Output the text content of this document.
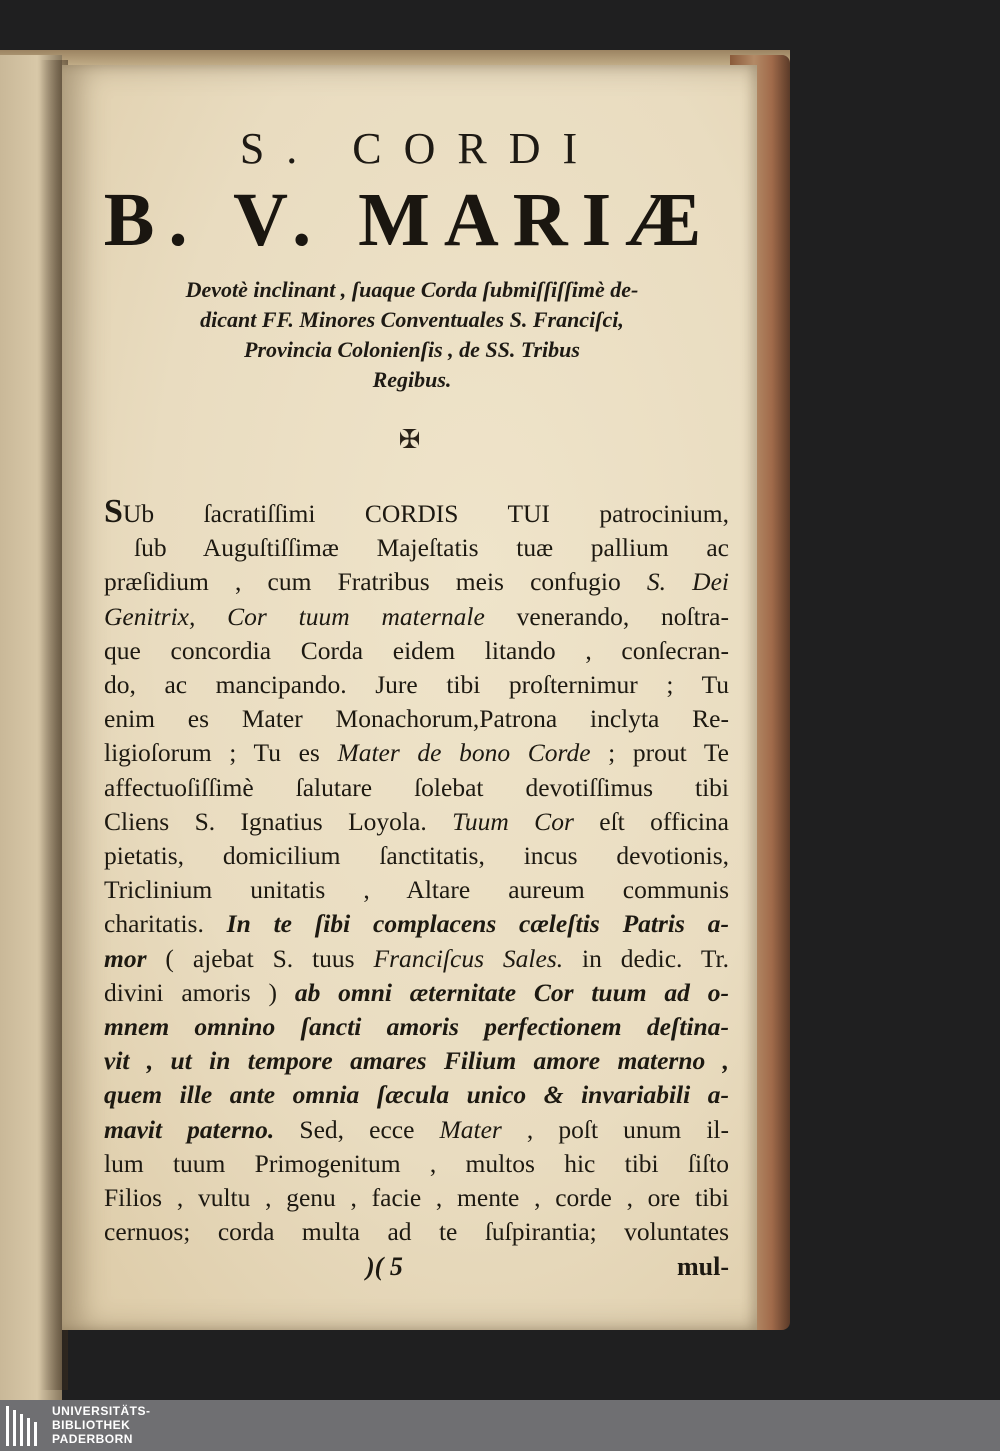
S. CORDI
B. V. MARIÆ
Devotè inclinant , ſuaque Corda ſubmiſſiſſimè de-
dicant FF. Minores Conventuales S. Franciſci,
Provincia Colonienſis , de SS. Tribus
Regibus.
✠
SUb ſacratiſſimi CORDIS TUI patrocinium,
ſub Auguſtiſſimæ Majeſtatis tuæ pallium ac
præſidium , cum Fratribus meis confugio S. Dei
Genitrix, Cor tuum maternale venerando, noſtra-
que concordia Corda eidem litando , conſecran-
do, ac mancipando. Jure tibi proſternimur ; Tu
enim es Mater Monachorum,Patrona inclyta Re-
ligioſorum ; Tu es Mater de bono Corde ; prout Te
affectuoſiſſimè ſalutare ſolebat devotiſſimus tibi
Cliens S. Ignatius Loyola. Tuum Cor eſt officina
pietatis, domicilium ſanctitatis, incus devotionis,
Triclinium unitatis , Altare aureum communis
charitatis. In te ſibi complacens cæleſtis Patris a-
mor ( ajebat S. tuus Franciſcus Sales. in dedic. Tr.
divini amoris ) ab omni æternitate Cor tuum ad o-
mnem omnino ſancti amoris perfectionem deſtina-
vit , ut in tempore amares Filium amore materno ,
quem ille ante omnia ſæcula unico & invariabili a-
mavit paterno. Sed, ecce Mater , poſt unum il-
lum tuum Primogenitum , multos hic tibi ſiſto
Filios , vultu , genu , facie , mente , corde , ore tibi
cernuos; corda multa ad te ſuſpirantia; voluntates
)( 5	mul-
UNIVERSITÄTS-
BIBLIOTHEK
PADERBORN
